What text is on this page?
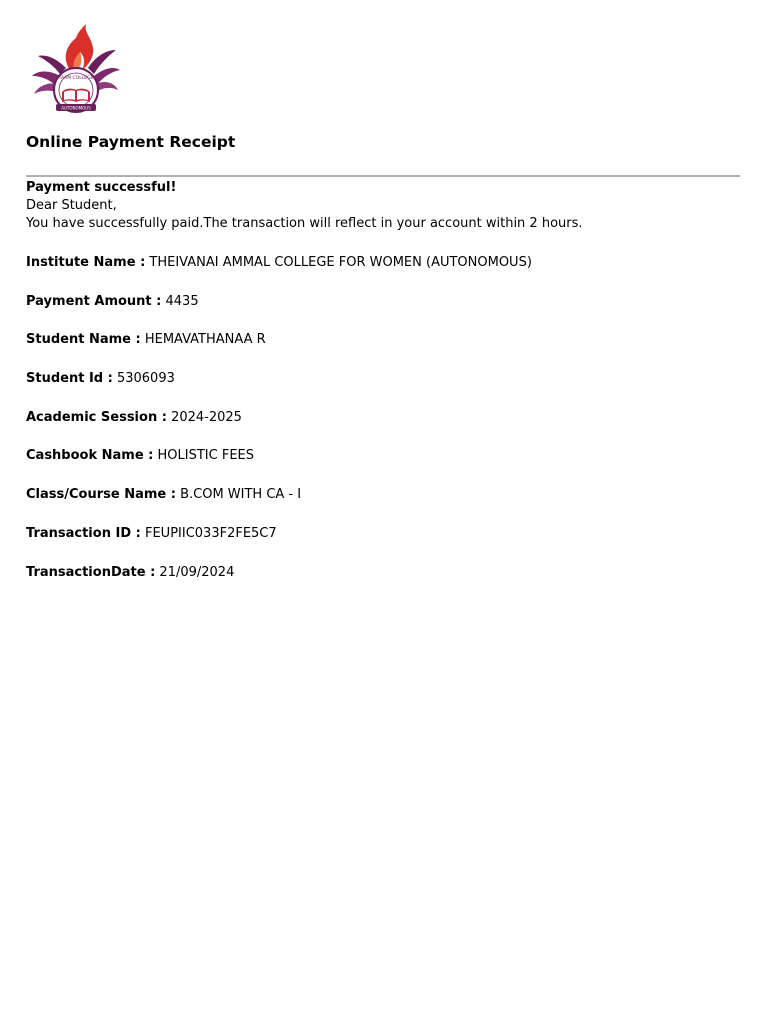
TAAM COLLEGE
AUTONOMOUS
Online Payment Receipt
Payment successful!
Dear Student,
You have successfully paid.The transaction will reflect in your account within 2 hours.
Institute Name : THEIVANAI AMMAL COLLEGE FOR WOMEN (AUTONOMOUS)
Payment Amount : 4435
Student Name : HEMAVATHANAA R
Student Id : 5306093
Academic Session : 2024-2025
Cashbook Name : HOLISTIC FEES
Class/Course Name : B.COM WITH CA - I
Transaction ID : FEUPIIC033F2FE5C7
TransactionDate : 21/09/2024
